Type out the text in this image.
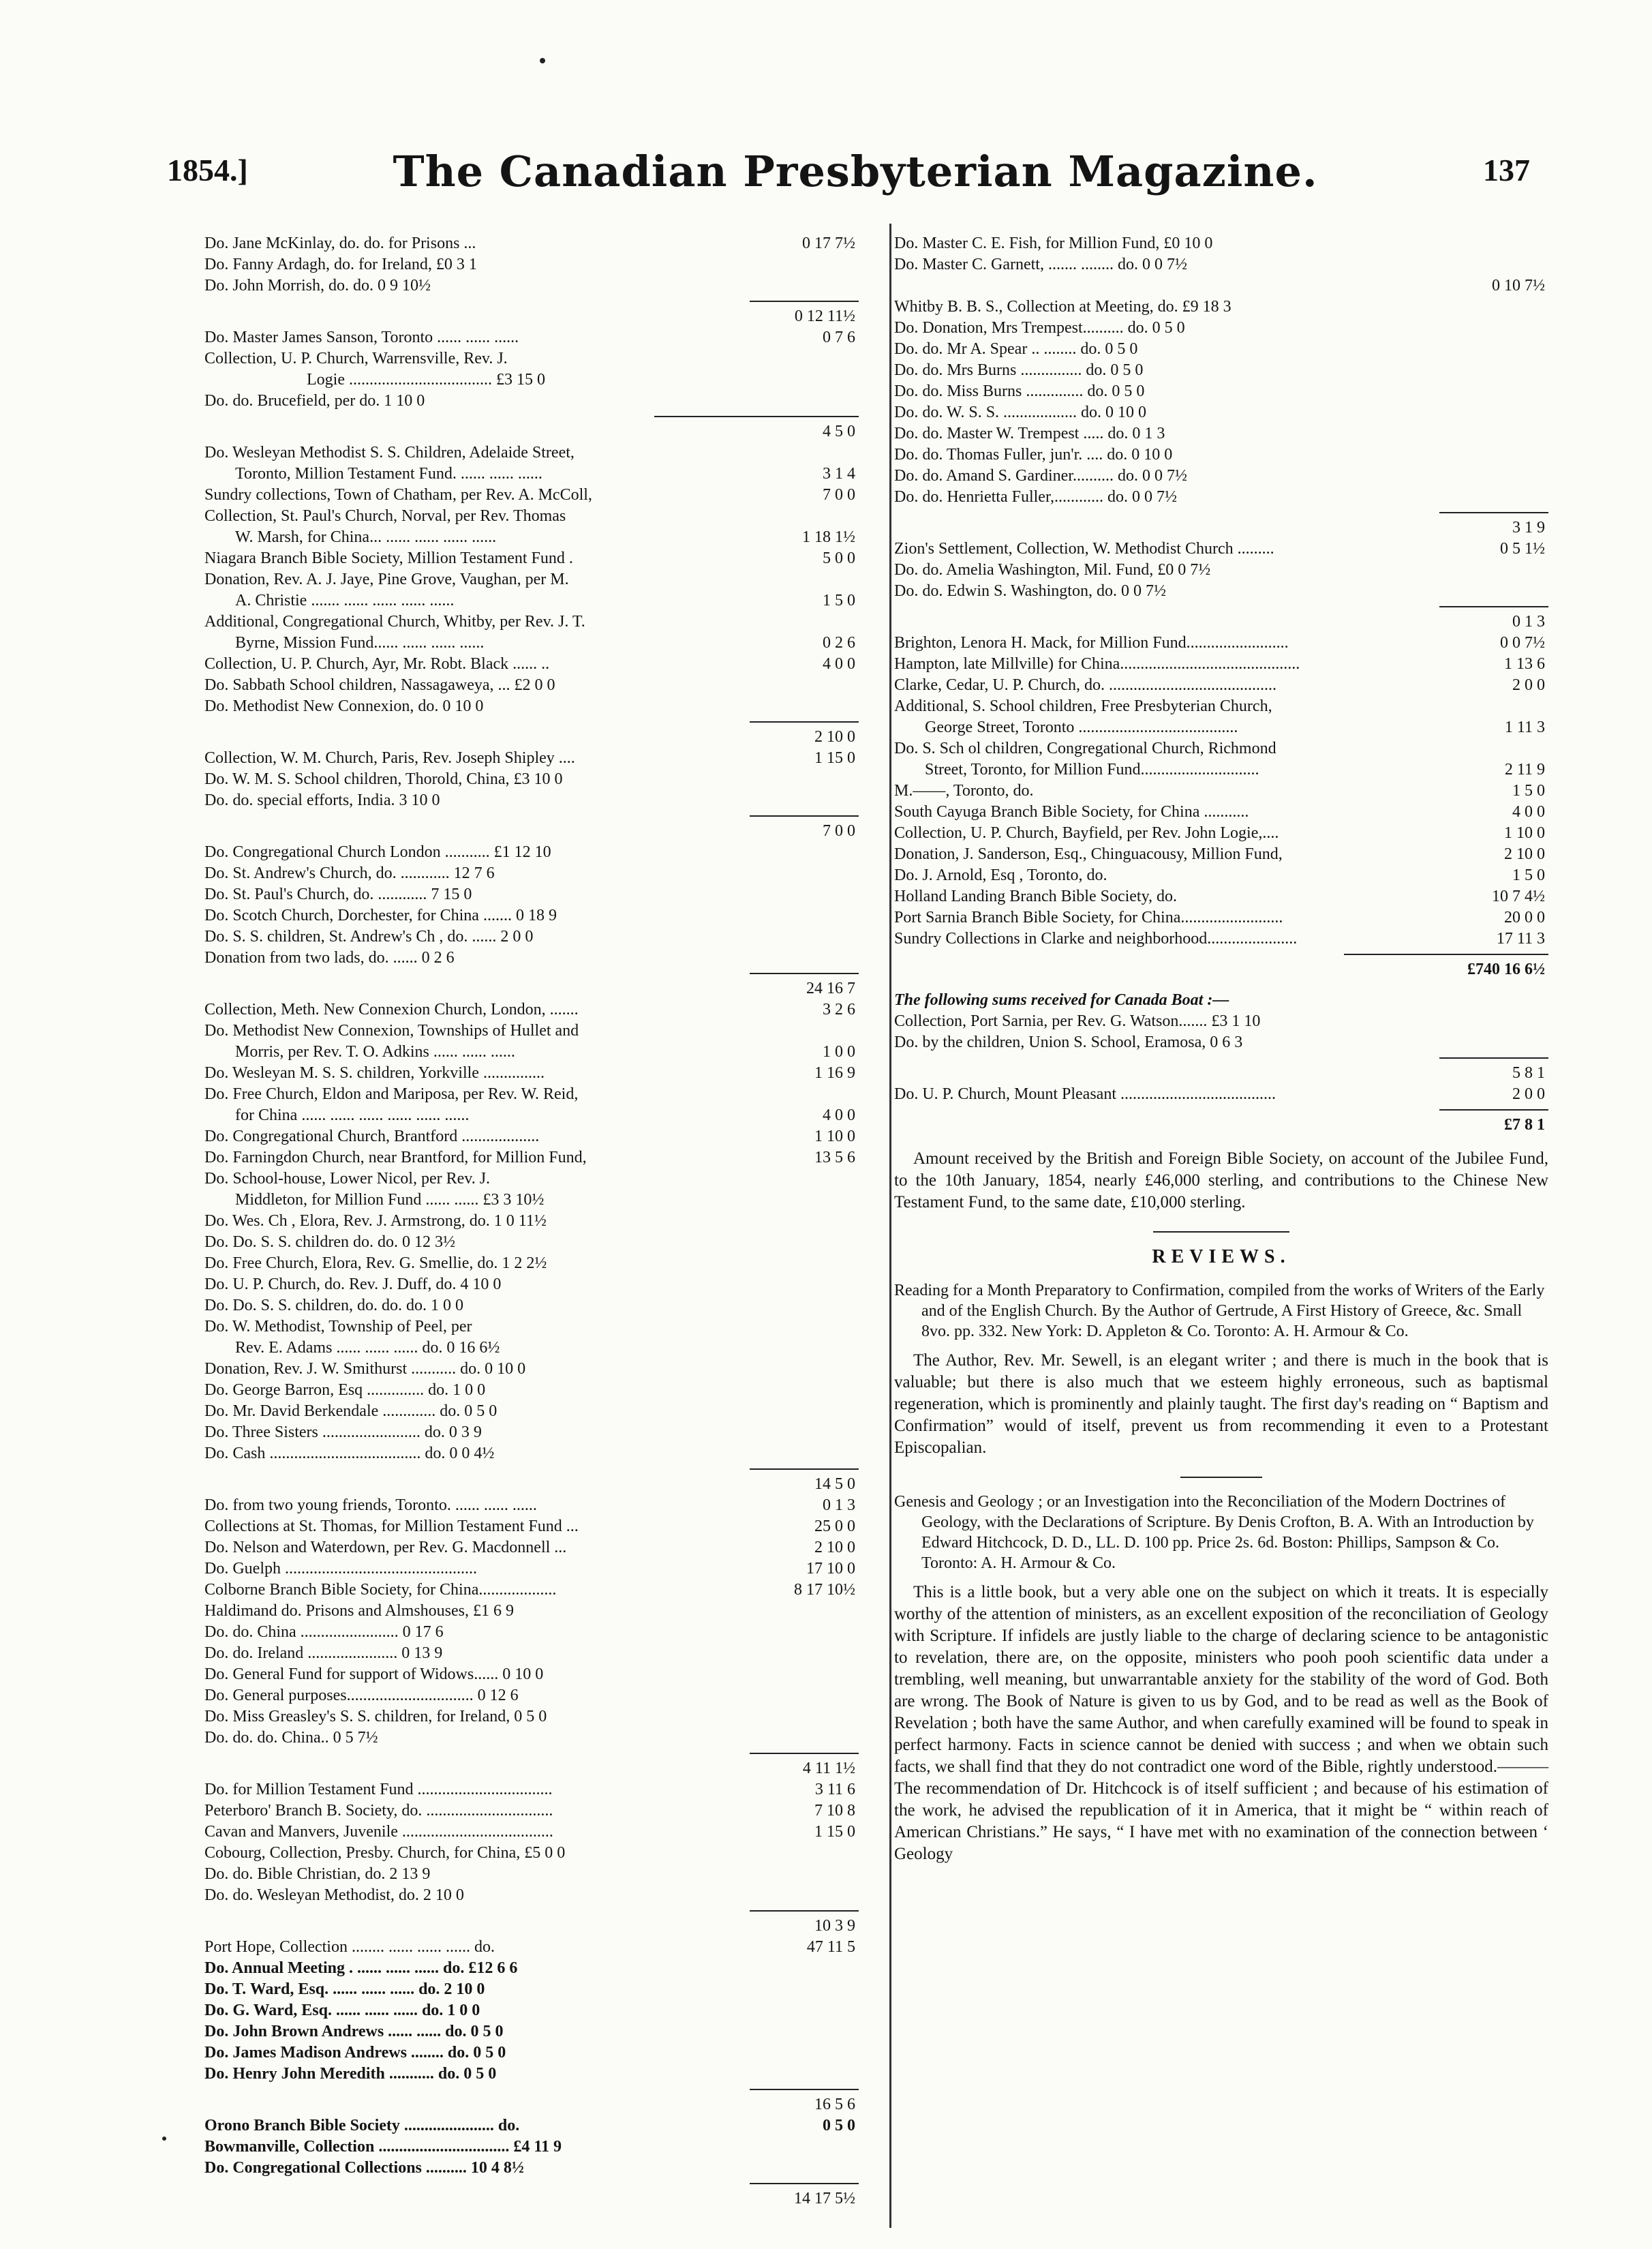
1854.]	The Canadian Presbyterian Magazine.	137
Do. Jane McKinlay, do. do. for Prisons ...	0 17 7½
Do. Fanny Ardagh, do. for Ireland, £0 3 1
Do. John Morrish, do. do. 0 9 10½
0 12 11½
Do. Master James Sanson, Toronto ...... ...... ......	0 7 6
Collection, U. P. Church, Warrensville, Rev. J.
Logie ................................... £3 15 0
Do. do. Brucefield, per do. 1 10 0
4 5 0
Do. Wesleyan Methodist S. S. Children, Adelaide Street,
Toronto, Million Testament Fund. ...... ...... ......	3 1 4
Sundry collections, Town of Chatham, per Rev. A. McColl,	7 0 0
Collection, St. Paul's Church, Norval, per Rev. Thomas
W. Marsh, for China... ...... ...... ...... ......	1 18 1½
Niagara Branch Bible Society, Million Testament Fund .	5 0 0
Donation, Rev. A. J. Jaye, Pine Grove, Vaughan, per M.
A. Christie ....... ...... ...... ...... ......	1 5 0
Additional, Congregational Church, Whitby, per Rev. J. T.
Byrne, Mission Fund...... ...... ...... ......	0 2 6
Collection, U. P. Church, Ayr, Mr. Robt. Black ...... ..	4 0 0
Do. Sabbath School children, Nassagaweya, ... £2 0 0
Do. Methodist New Connexion, do. 0 10 0
2 10 0
Collection, W. M. Church, Paris, Rev. Joseph Shipley ....	1 15 0
Do. W. M. S. School children, Thorold, China, £3 10 0
Do. do. special efforts, India. 3 10 0
7 0 0
Do. Congregational Church London ........... £1 12 10
Do. St. Andrew's Church, do. ............ 12 7 6
Do. St. Paul's Church, do. ............ 7 15 0
Do. Scotch Church, Dorchester, for China ....... 0 18 9
Do. S. S. children, St. Andrew's Ch , do. ...... 2 0 0
Donation from two lads, do. ...... 0 2 6
24 16 7
Collection, Meth. New Connexion Church, London, .......	3 2 6
Do. Methodist New Connexion, Townships of Hullet and
Morris, per Rev. T. O. Adkins ...... ...... ......	1 0 0
Do. Wesleyan M. S. S. children, Yorkville ...............	1 16 9
Do. Free Church, Eldon and Mariposa, per Rev. W. Reid,
for China ...... ...... ...... ...... ...... ......	4 0 0
Do. Congregational Church, Brantford ...................	1 10 0
Do. Farningdon Church, near Brantford, for Million Fund,	13 5 6
Do. School-house, Lower Nicol, per Rev. J.
Middleton, for Million Fund ...... ...... £3 3 10½
Do. Wes. Ch , Elora, Rev. J. Armstrong, do. 1 0 11½
Do. Do. S. S. children do. do. 0 12 3½
Do. Free Church, Elora, Rev. G. Smellie, do. 1 2 2½
Do. U. P. Church, do. Rev. J. Duff, do. 4 10 0
Do. Do. S. S. children, do. do. do. 1 0 0
Do. W. Methodist, Township of Peel, per
Rev. E. Adams ...... ...... ...... do. 0 16 6½
Donation, Rev. J. W. Smithurst ........... do. 0 10 0
Do. George Barron, Esq .............. do. 1 0 0
Do. Mr. David Berkendale ............. do. 0 5 0
Do. Three Sisters ........................ do. 0 3 9
Do. Cash ..................................... do. 0 0 4½
14 5 0
Do. from two young friends, Toronto. ...... ...... ......	0 1 3
Collections at St. Thomas, for Million Testament Fund ...	25 0 0
Do. Nelson and Waterdown, per Rev. G. Macdonnell ...	2 10 0
Do. Guelph ...............................................	17 10 0
Colborne Branch Bible Society, for China...................	8 17 10½
Haldimand do. Prisons and Almshouses, £1 6 9
Do. do. China ........................ 0 17 6
Do. do. Ireland ...................... 0 13 9
Do. General Fund for support of Widows...... 0 10 0
Do. General purposes............................... 0 12 6
Do. Miss Greasley's S. S. children, for Ireland, 0 5 0
Do. do. do. China.. 0 5 7½
4 11 1½
Do. for Million Testament Fund .................................	3 11 6
Peterboro' Branch B. Society, do. ...............................	7 10 8
Cavan and Manvers, Juvenile .....................................	1 15 0
Cobourg, Collection, Presby. Church, for China, £5 0 0
Do. do. Bible Christian, do. 2 13 9
Do. do. Wesleyan Methodist, do. 2 10 0
10 3 9
Port Hope, Collection ........ ...... ...... ...... do.	47 11 5
Do. Annual Meeting . ...... ...... ...... do. £12 6 6
Do. T. Ward, Esq. ...... ...... ...... do. 2 10 0
Do. G. Ward, Esq. ...... ...... ...... do. 1 0 0
Do. John Brown Andrews ...... ...... do. 0 5 0
Do. James Madison Andrews ........ do. 0 5 0
Do. Henry John Meredith ........... do. 0 5 0
16 5 6
Orono Branch Bible Society ...................... do.	0 5 0
Bowmanville, Collection ................................ £4 11 9
Do. Congregational Collections .......... 10 4 8½
14 17 5½
Do. Master C. E. Fish, for Million Fund, £0 10 0
Do. Master C. Garnett, ....... ........ do. 0 0 7½
0 10 7½
Whitby B. B. S., Collection at Meeting, do. £9 18 3
Do. Donation, Mrs Trempest.......... do. 0 5 0
Do. do. Mr A. Spear .. ........ do. 0 5 0
Do. do. Mrs Burns ............... do. 0 5 0
Do. do. Miss Burns .............. do. 0 5 0
Do. do. W. S. S. .................. do. 0 10 0
Do. do. Master W. Trempest ..... do. 0 1 3
Do. do. Thomas Fuller, jun'r. .... do. 0 10 0
Do. do. Amand S. Gardiner.......... do. 0 0 7½
Do. do. Henrietta Fuller,............ do. 0 0 7½
3 1 9
Zion's Settlement, Collection, W. Methodist Church .........	0 5 1½
Do. do. Amelia Washington, Mil. Fund, £0 0 7½
Do. do. Edwin S. Washington, do. 0 0 7½
0 1 3
Brighton, Lenora H. Mack, for Million Fund.........................	0 0 7½
Hampton, late Millville) for China............................................	1 13 6
Clarke, Cedar, U. P. Church, do. .........................................	2 0 0
Additional, S. School children, Free Presbyterian Church,
George Street, Toronto .......................................	1 11 3
Do. S. Sch ol children, Congregational Church, Richmond
Street, Toronto, for Million Fund.............................	2 11 9
M.——, Toronto, do.	1 5 0
South Cayuga Branch Bible Society, for China ...........	4 0 0
Collection, U. P. Church, Bayfield, per Rev. John Logie,....	1 10 0
Donation, J. Sanderson, Esq., Chinguacousy, Million Fund,	2 10 0
Do. J. Arnold, Esq , Toronto, do.	1 5 0
Holland Landing Branch Bible Society, do.	10 7 4½
Port Sarnia Branch Bible Society, for China.........................	20 0 0
Sundry Collections in Clarke and neighborhood......................	17 11 3
£740 16 6½
The following sums received for Canada Boat :—
Collection, Port Sarnia, per Rev. G. Watson....... £3 1 10
Do. by the children, Union S. School, Eramosa, 0 6 3
5 8 1
Do. U. P. Church, Mount Pleasant ......................................	2 0 0
£7 8 1

Amount received by the British and Foreign Bible Society, on account of the Jubilee Fund, to the 10th January, 1854, nearly £46,000 sterling, and contributions to the Chinese New Testament Fund, to the same date, £10,000 sterling.

REVIEWS.

Reading for a Month Preparatory to Confirmation, compiled from the works of Writers of the Early and of the English Church. By the Author of Gertrude, A First History of Greece, &c. Small 8vo. pp. 332. New York: D. Appleton & Co. Toronto: A. H. Armour & Co.

The Author, Rev. Mr. Sewell, is an elegant writer ; and there is much in the book that is valuable; but there is also much that we esteem highly erroneous, such as baptismal regeneration, which is prominently and plainly taught. The first day's reading on “ Baptism and Confirmation” would of itself, prevent us from recommending it even to a Protestant Episcopalian.

Genesis and Geology ; or an Investigation into the Reconciliation of the Modern Doctrines of Geology, with the Declarations of Scripture. By Denis Crofton, B. A. With an Introduction by Edward Hitchcock, D. D., LL. D. 100 pp. Price 2s. 6d. Boston: Phillips, Sampson & Co. Toronto: A. H. Armour & Co.

This is a little book, but a very able one on the subject on which it treats. It is especially worthy of the attention of ministers, as an excellent exposition of the reconciliation of Geology with Scripture. If infidels are justly liable to the charge of declaring science to be antagonistic to revelation, there are, on the opposite, ministers who pooh pooh scientific data under a trembling, well meaning, but unwarrantable anxiety for the stability of the word of God. Both are wrong. The Book of Nature is given to us by God, and to be read as well as the Book of Revelation ; both have the same Author, and when carefully examined will be found to speak in perfect harmony. Facts in science cannot be denied with success ; and when we obtain such facts, we shall find that they do not contradict one word of the Bible, rightly understood.——— The recommendation of Dr. Hitchcock is of itself sufficient ; and because of his estimation of the work, he advised the republication of it in America, that it might be “ within reach of American Christians.” He says, “ I have met with no examination of the connection between ‘ Geology
